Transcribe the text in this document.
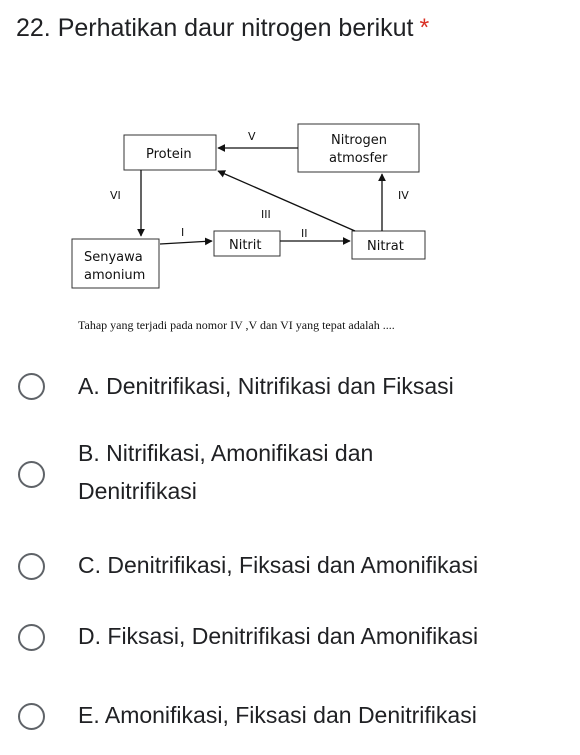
22. Perhatikan daur nitrogen berikut *
Protein
Nitrogen
atmosfer
Senyawa
amonium
Nitrit	Nitrat
V
VI	IV
III
I	II
Tahap yang terjadi pada nomor IV ,V dan VI yang tepat adalah ....
A. Denitrifikasi, Nitrifikasi dan Fiksasi
B. Nitrifikasi, Amonifikasi dan
Denitrifikasi
C. Denitrifikasi, Fiksasi dan Amonifikasi
D. Fiksasi, Denitrifikasi dan Amonifikasi
E. Amonifikasi, Fiksasi dan Denitrifikasi
